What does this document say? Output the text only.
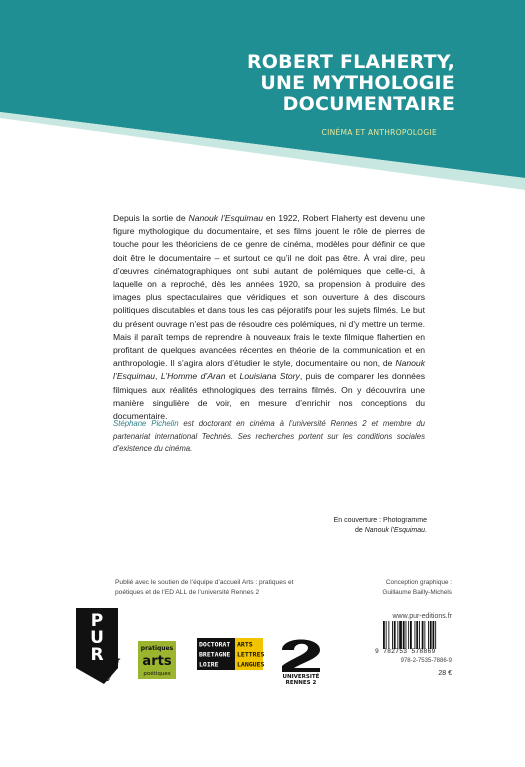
ROBERT FLAHERTY,
UNE MYTHOLOGIE
DOCUMENTAIRE
CINÉMA ET ANTHROPOLOGIE
Depuis la sortie de Nanouk l’Esquimau en 1922, Robert Flaherty est devenu une figure mythologique du documentaire, et ses films jouent le rôle de pierres de touche pour les théoriciens de ce genre de cinéma, modèles pour définir ce que doit être le documentaire – et surtout ce qu’il ne doit pas être. À vrai dire, peu d’œuvres cinématographiques ont subi autant de polémiques que celle-ci, à laquelle on a reproché, dès les années 1920, sa propension à produire des images plus spectaculaires que véridiques et son ouverture à des discours politiques discutables et dans tous les cas péjoratifs pour les sujets filmés. Le but du présent ouvrage n’est pas de résoudre ces polémiques, ni d’y mettre un terme. Mais il paraît temps de reprendre à nouveaux frais le texte filmique flahertien en profitant de quelques avancées récentes en théorie de la communication et en anthropologie. Il s’agira alors d’étudier le style, documentaire ou non, de Nanouk l’Esquimau, L’Homme d’Aran et Louisiana Story, puis de comparer les données filmiques aux réalités ethnologiques des terrains filmés. On y découvrira une manière singulière de voir, en mesure d’enrichir nos conceptions du documentaire.
Stéphane Pichelin est doctorant en cinéma à l’université Rennes 2 et membre du partenariat international Technès. Ses recherches portent sur les conditions sociales d’existence du cinéma.
En couverture : Photogramme
de Nanouk l’Esquimau.
Publié avec le soutien de l’équipe d’accueil Arts : pratiques et poétiques et de l’ED ALL de l’université Rennes 2
Conception graphique :
Guillaume Bailly-Michels
www.pur-editions.fr
9 782753 578869
978-2-7535-7886-9
28 €
P
U
R
CINÉMA
pratiques
arts
poétiques
DOCTORAT ARTS
BRETAGNE LETTRES
LOIRE	LANGUES
UNIVERSITÉ
RENNES 2
